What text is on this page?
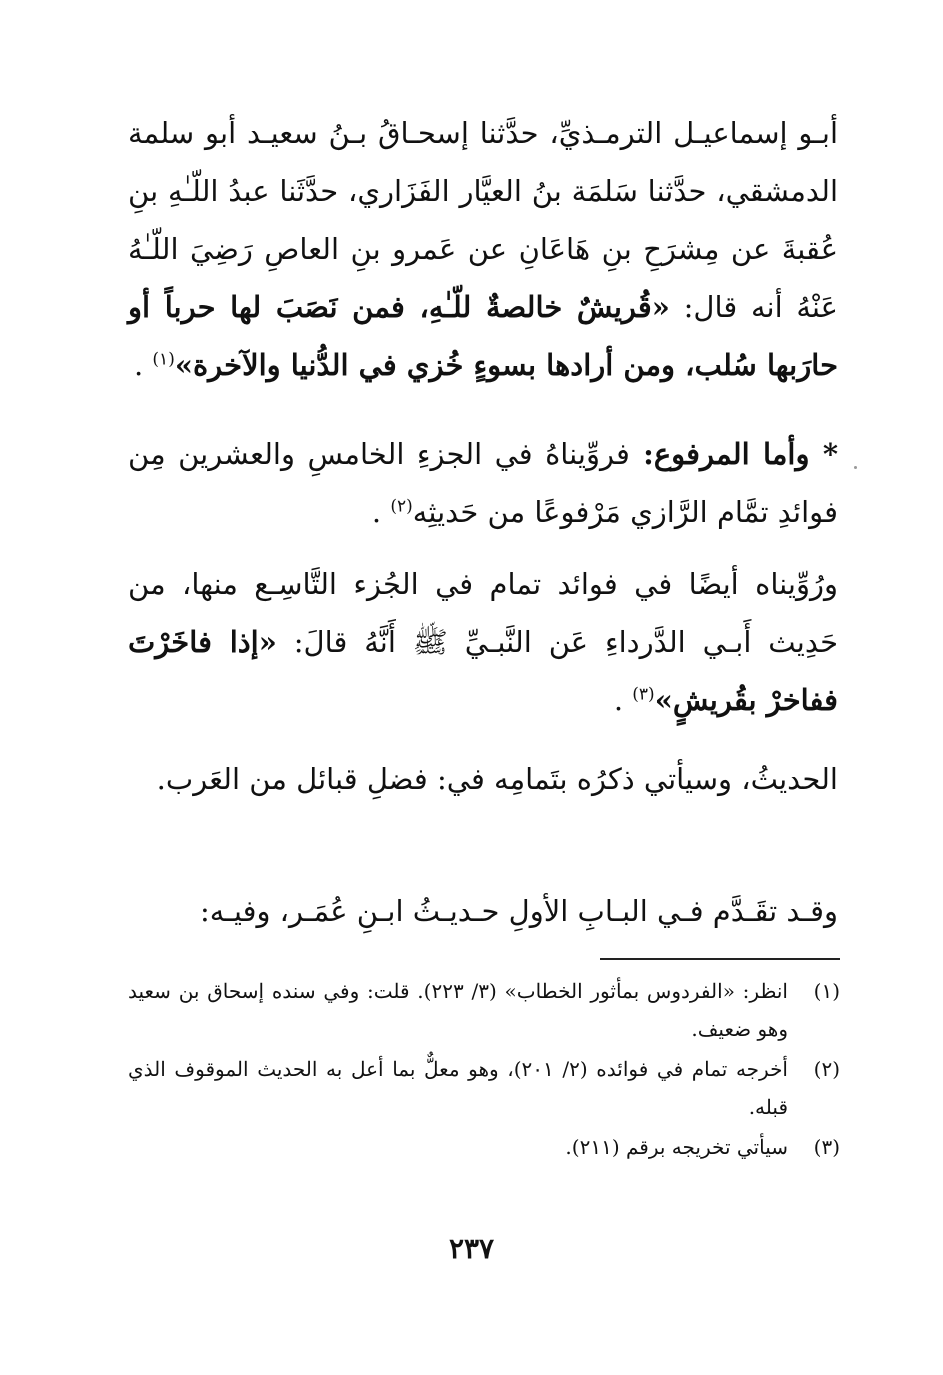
أبـو إسماعيـل الترمـذيِّ، حدَّثنا إسحـاقُ بـنُ سعيـد أبو سلمة الدمشقي، حدَّثنا سَلمَة بنُ العيَّار الفَزَاري، حدَّثَنا عبدُ اللّـٰهِ بنِ عُقبةَ عن مِشرَحِ بنِ هَاعَانِ عن عَمرو بنِ العاصِ رَضِيَ اللّـٰهُ عَنْهُ أنه قال: «قُريشٌ خالصةٌ للّـٰهِ، فمن نَصَبَ لها حرباً أو حارَبها سُلب، ومن أرادها بسوءٍ خُزي في الدُّنيا والآخرة»$^{(١)}$ .
* وأما المرفوع: فروِّيناهُ في الجزءِ الخامسِ والعشرين مِن فوائدِ تمَّام الرَّازي مَرْفوعًا من حَديثِه$^{(٢)}$ .
ورُوِّيناه أيضًا في فوائد تمام في الجُزء التَّاسِـع منها، من حَدِيث أَبـي الدَّرداءِ عَن النَّبـيِّ ﷺ أَنَّهُ قالَ: «إذا فاخَرْتَ ففاخرْ بقُريشٍ»$^{(٣)}$ .
الحديثُ، وسيأتي ذكرُه بتَمامِه في: فضلِ قبائل من العَرب.
وقـد تقَـدَّم فـي البـابِ الأولِ حـديـثُ ابـنِ عُمَـر، وفيـه:
(١)
انظر: «الفردوس بمأثور الخطاب» (٣/ ٢٢٣). قلت: وفي سنده إسحاق بن سعيد وهو ضعيف.
(٢)
أخرجه تمام في فوائده (٢/ ٢٠١)، وهو معلٌّ بما أعل به الحديث الموقوف الذي قبله.
(٣)
سيأتي تخريجه برقم (٢١١).
٢٣٧
